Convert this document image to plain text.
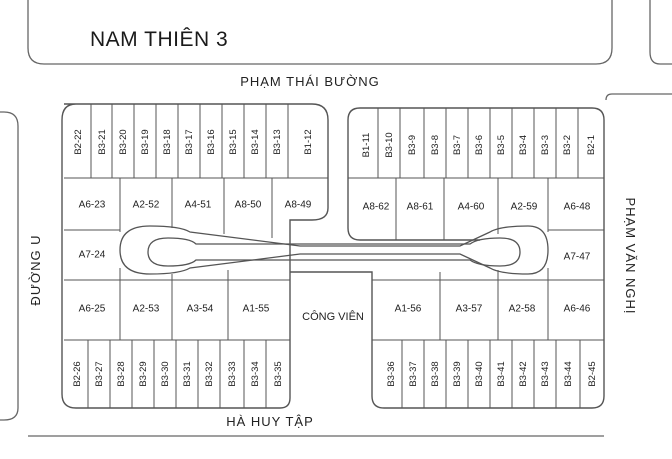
NAM THIÊN 3
PHẠM THÁI BƯỜNG
HÀ HUY TẬP
ĐƯỜNG U	PHẠM VĂN NGHỊ
CÔNG VIÊN
B2-22 B3-21 B3-20 B3-19 B3-18 B3-17 B3-16 B3-15 B3-14 B3-13 B1-12
A6-23	A2-52	A4-51 A8-50 A8-49
A7-24
A6-25	A2-53	A3-54	A1-55
B2-26 B3-27 B3-28 B3-29 B3-30 B3-31 B3-32 B3-33 B3-34 B3-35
B1-11 B3-10 B3-9 B3-8 B3-7 B3-6 B3-5 B3-4 B3-3 B3-2 B2-1
A8-62 A8-61 A4-60	A2-59	A6-48
A7-47
A1-56	A3-57	A2-58	A6-46
B3-36 B3-37 B3-38 B3-39 B3-40 B3-41 B3-42 B3-43 B3-44 B2-45
